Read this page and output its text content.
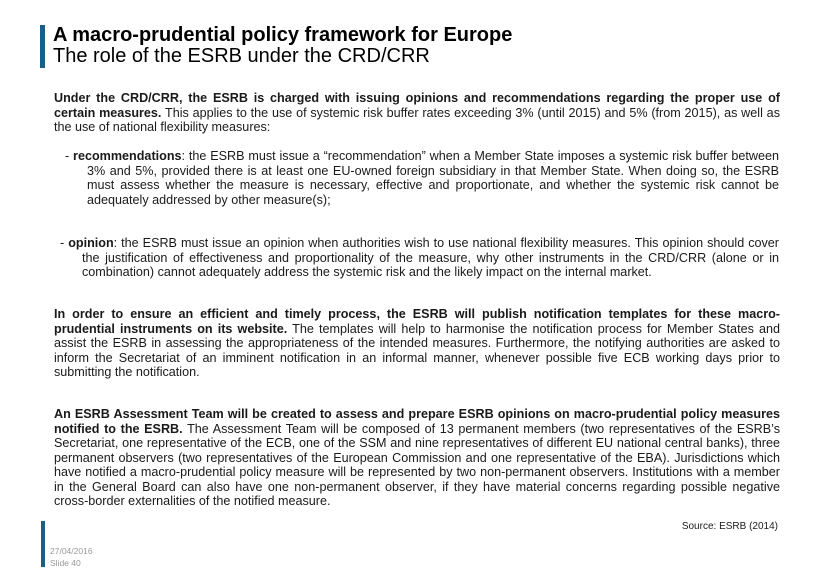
A macro-prudential policy framework for Europe
The role of the ESRB under the CRD/CRR
Under the CRD/CRR, the ESRB is charged with issuing opinions and recommendations regarding the proper use of certain measures. This applies to the use of systemic risk buffer rates exceeding 3% (until 2015) and 5% (from 2015), as well as the use of national flexibility measures:
- recommendations: the ESRB must issue a “recommendation” when a Member State imposes a systemic risk buffer between 3% and 5%, provided there is at least one EU-owned foreign subsidiary in that Member State. When doing so, the ESRB must assess whether the measure is necessary, effective and proportionate, and whether the systemic risk cannot be adequately addressed by other measure(s);
- opinion: the ESRB must issue an opinion when authorities wish to use national flexibility measures. This opinion should cover the justification of effectiveness and proportionality of the measure, why other instruments in the CRD/CRR (alone or in combination) cannot adequately address the systemic risk and the likely impact on the internal market.
In order to ensure an efficient and timely process, the ESRB will publish notification templates for these macro-prudential instruments on its website. The templates will help to harmonise the notification process for Member States and assist the ESRB in assessing the appropriateness of the intended measures. Furthermore, the notifying authorities are asked to inform the Secretariat of an imminent notification in an informal manner, whenever possible five ECB working days prior to submitting the notification.
An ESRB Assessment Team will be created to assess and prepare ESRB opinions on macro-prudential policy measures notified to the ESRB. The Assessment Team will be composed of 13 permanent members (two representatives of the ESRB’s Secretariat, one representative of the ECB, one of the SSM and nine representatives of different EU national central banks), three permanent observers (two representatives of the European Commission and one representative of the EBA). Jurisdictions which have notified a macro-prudential policy measure will be represented by two non-permanent observers. Institutions with a member in the General Board can also have one non-permanent observer, if they have material concerns regarding possible negative cross-border externalities of the notified measure.
Source: ESRB (2014)
27/04/2016
Slide 40
